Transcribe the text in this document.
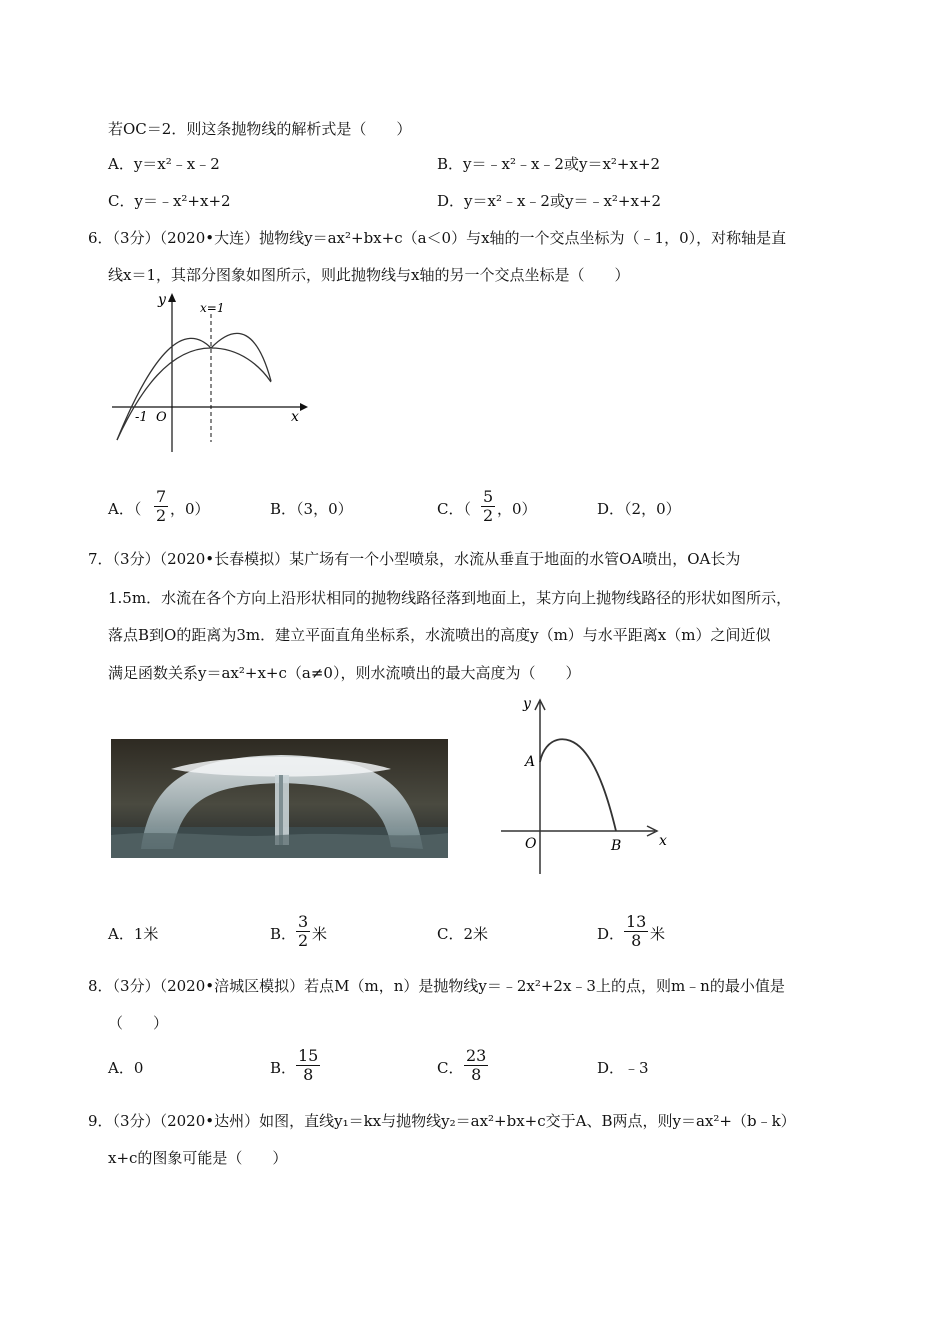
若OC＝2．则这条抛物线的解析式是（　　）
A．y＝x²﹣x﹣2	B．y＝﹣x²﹣x﹣2或y＝x²+x+2
C．y＝﹣x²+x+2	D．y＝x²﹣x﹣2或y＝﹣x²+x+2
6．（3分）（2020•大连）抛物线y＝ax²+bx+c（a＜0）与x轴的一个交点坐标为（﹣1，0），对称轴是直
线x＝1，其部分图象如图所示，则此抛物线与x轴的另一个交点坐标是（　　）
y
x
x=1
-1 O
A．（ $\frac{7}{2}$ ，0）	B．（3，0）	C．（ $\frac{5}{2}$ ，0）	D．（2，0）
7．（3分）（2020•长春模拟）某广场有一个小型喷泉，水流从垂直于地面的水管OA喷出，OA长为
1.5m．水流在各个方向上沿形状相同的抛物线路径落到地面上，某方向上抛物线路径的形状如图所示，
落点B到O的距离为3m．建立平面直角坐标系，水流喷出的高度y（m）与水平距离x（m）之间近似
满足函数关系y＝ax²+x+c（a≠0），则水流喷出的最大高度为（　　）
y
x
A
O	B
A．1米	B． $\frac{3}{2}$ 米	C．2米	D． $\frac{13}{8}$ 米
8．（3分）（2020•涪城区模拟）若点M（m，n）是抛物线y＝﹣2x²+2x﹣3上的点，则m﹣n的最小值是
（　　）
A．0	B． $\frac{15}{8}$	C． $\frac{23}{8}$	D．﹣3
9．（3分）（2020•达州）如图，直线y₁＝kx与抛物线y₂＝ax²+bx+c交于A、B两点，则y＝ax²+（b﹣k）
x+c的图象可能是（　　）
